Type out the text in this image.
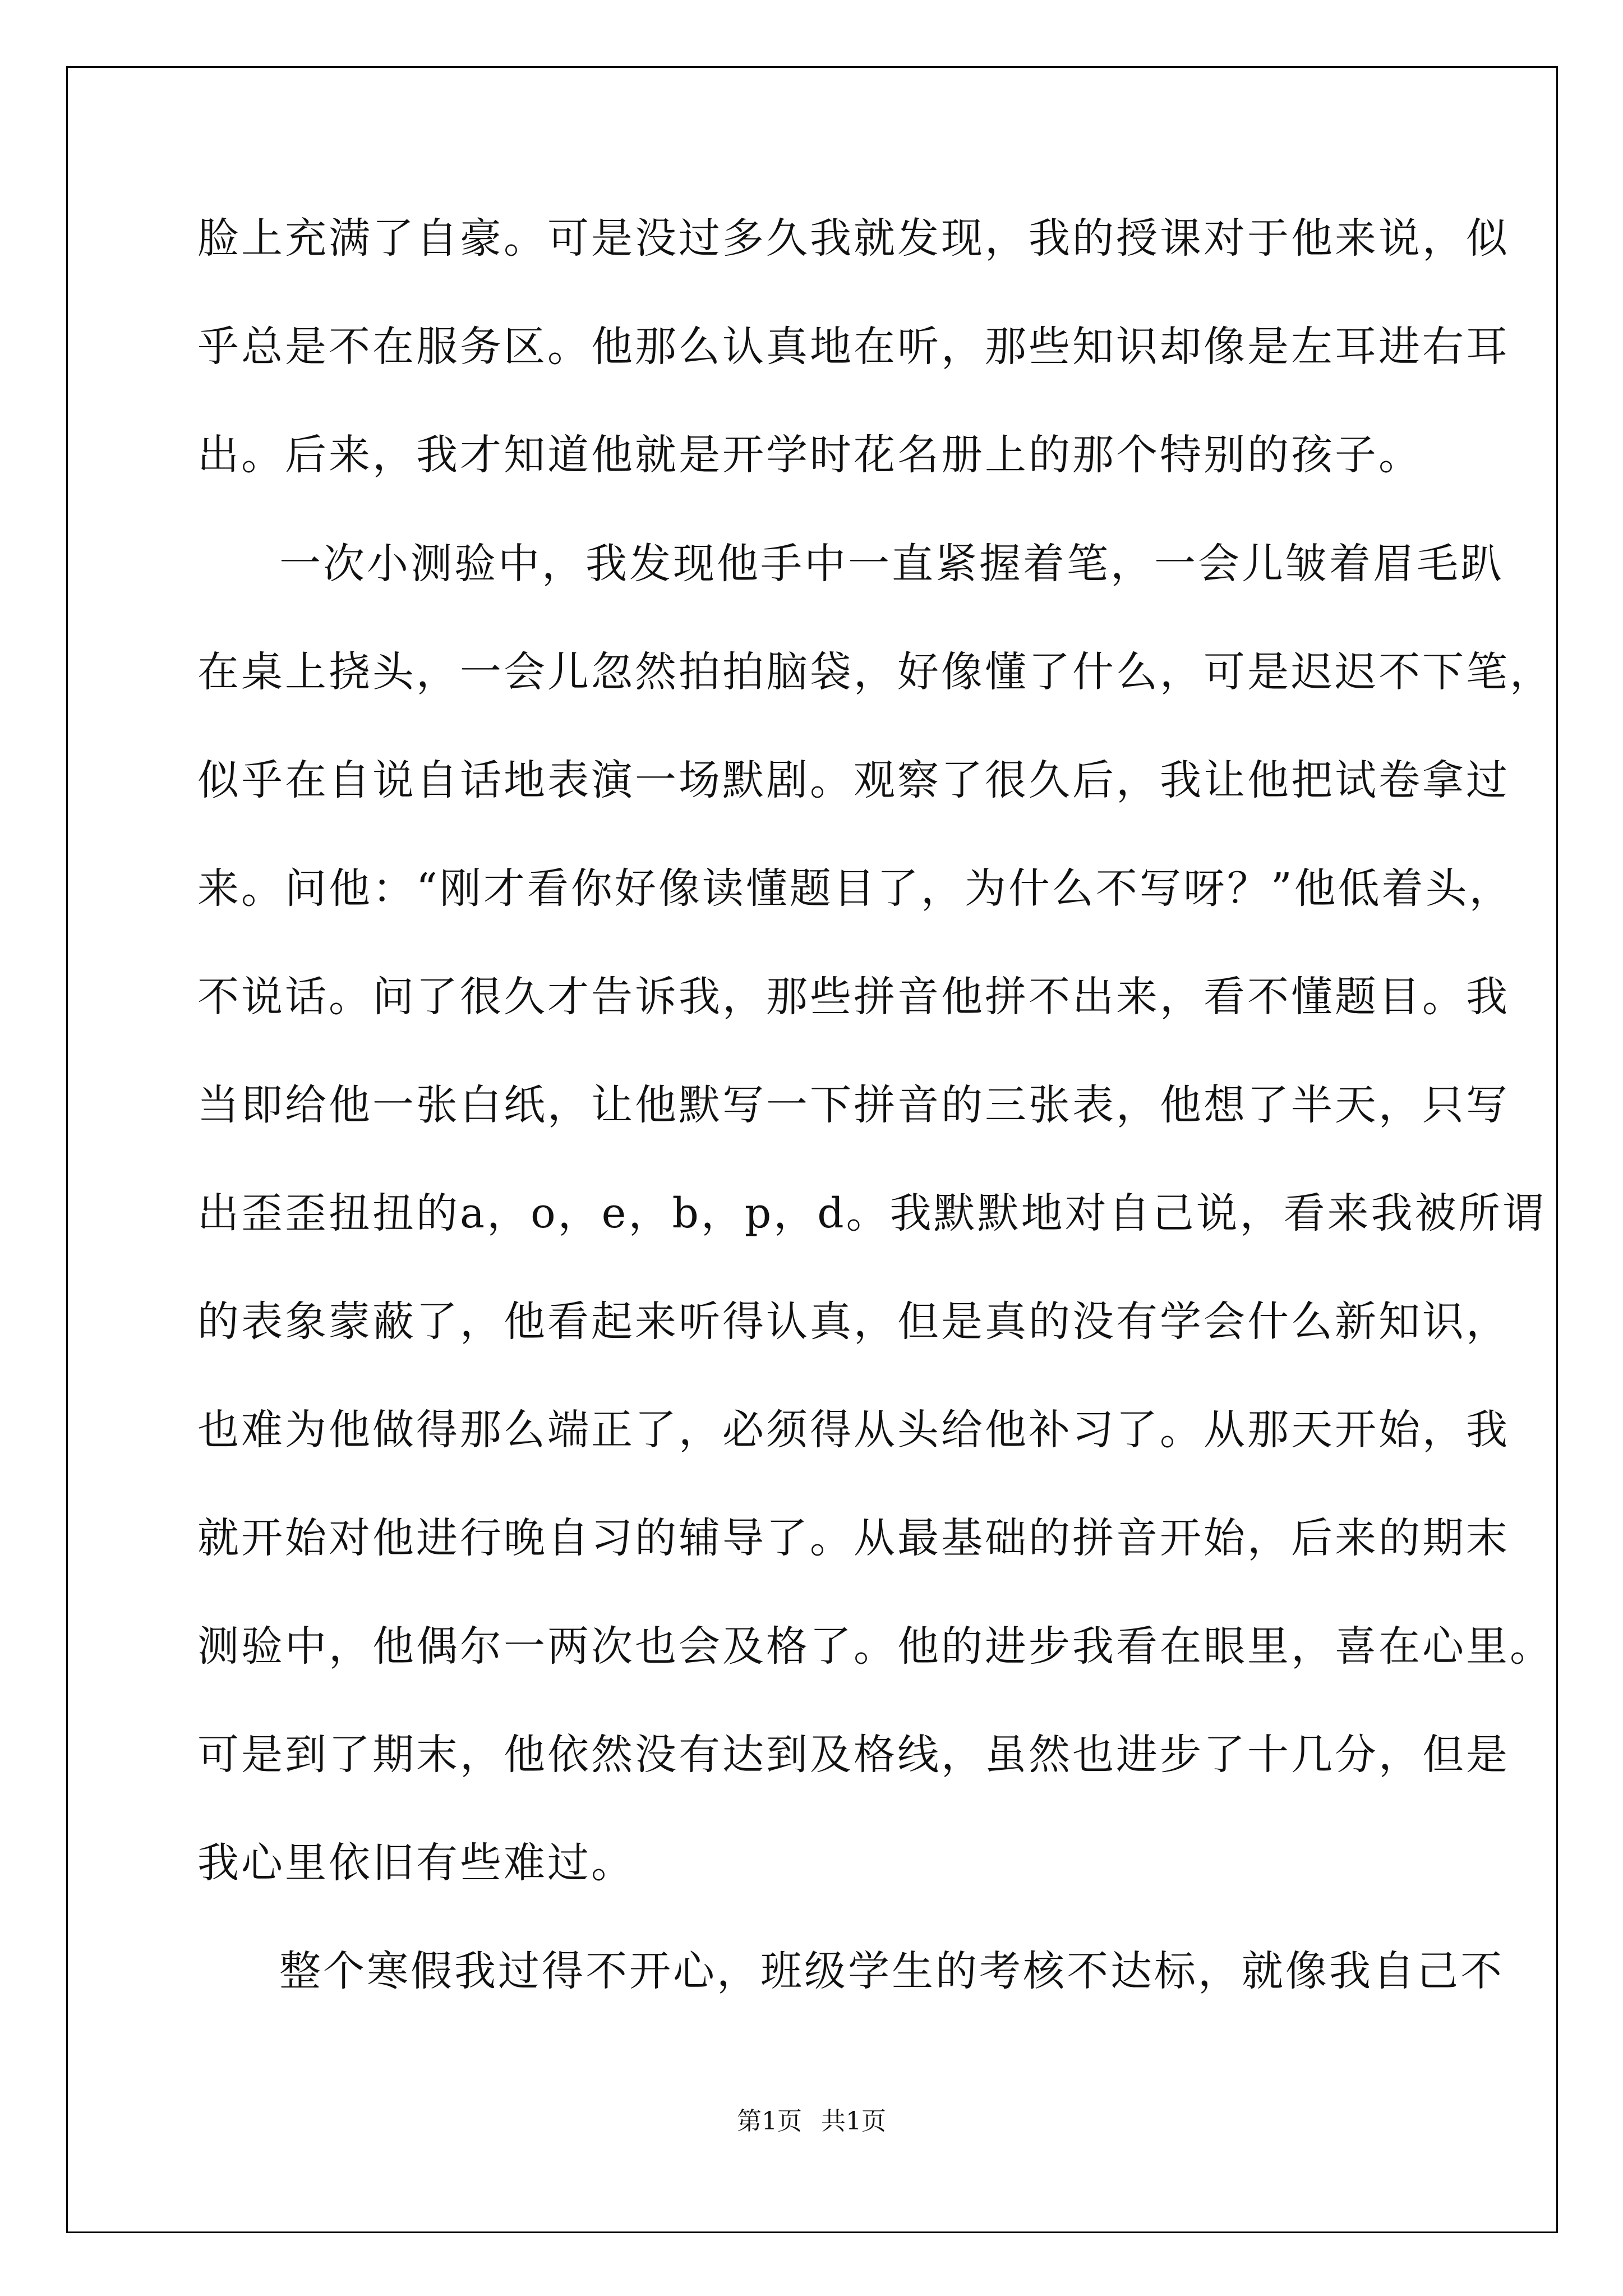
脸上充满了自豪。可是没过多久我就发现，我的授课对于他来说，似
乎总是不在服务区。他那么认真地在听，那些知识却像是左耳进右耳
出。后来，我才知道他就是开学时花名册上的那个特别的孩子。
一次小测验中，我发现他手中一直紧握着笔，一会儿皱着眉毛趴
在桌上挠头，一会儿忽然拍拍脑袋，好像懂了什么，可是迟迟不下笔，
似乎在自说自话地表演一场默剧。观察了很久后，我让他把试卷拿过
来。问他：“刚才看你好像读懂题目了，为什么不写呀？”他低着头，
不说话。问了很久才告诉我，那些拼音他拼不出来，看不懂题目。我
当即给他一张白纸，让他默写一下拼音的三张表，他想了半天，只写
出歪歪扭扭的a，o，e，b，p，d。我默默地对自己说，看来我被所谓
的表象蒙蔽了，他看起来听得认真，但是真的没有学会什么新知识，
也难为他做得那么端正了，必须得从头给他补习了。从那天开始，我
就开始对他进行晚自习的辅导了。从最基础的拼音开始，后来的期末
测验中，他偶尔一两次也会及格了。他的进步我看在眼里，喜在心里。
可是到了期末，他依然没有达到及格线，虽然也进步了十几分，但是
我心里依旧有些难过。
整个寒假我过得不开心，班级学生的考核不达标，就像我自己不
第1页 共1页
